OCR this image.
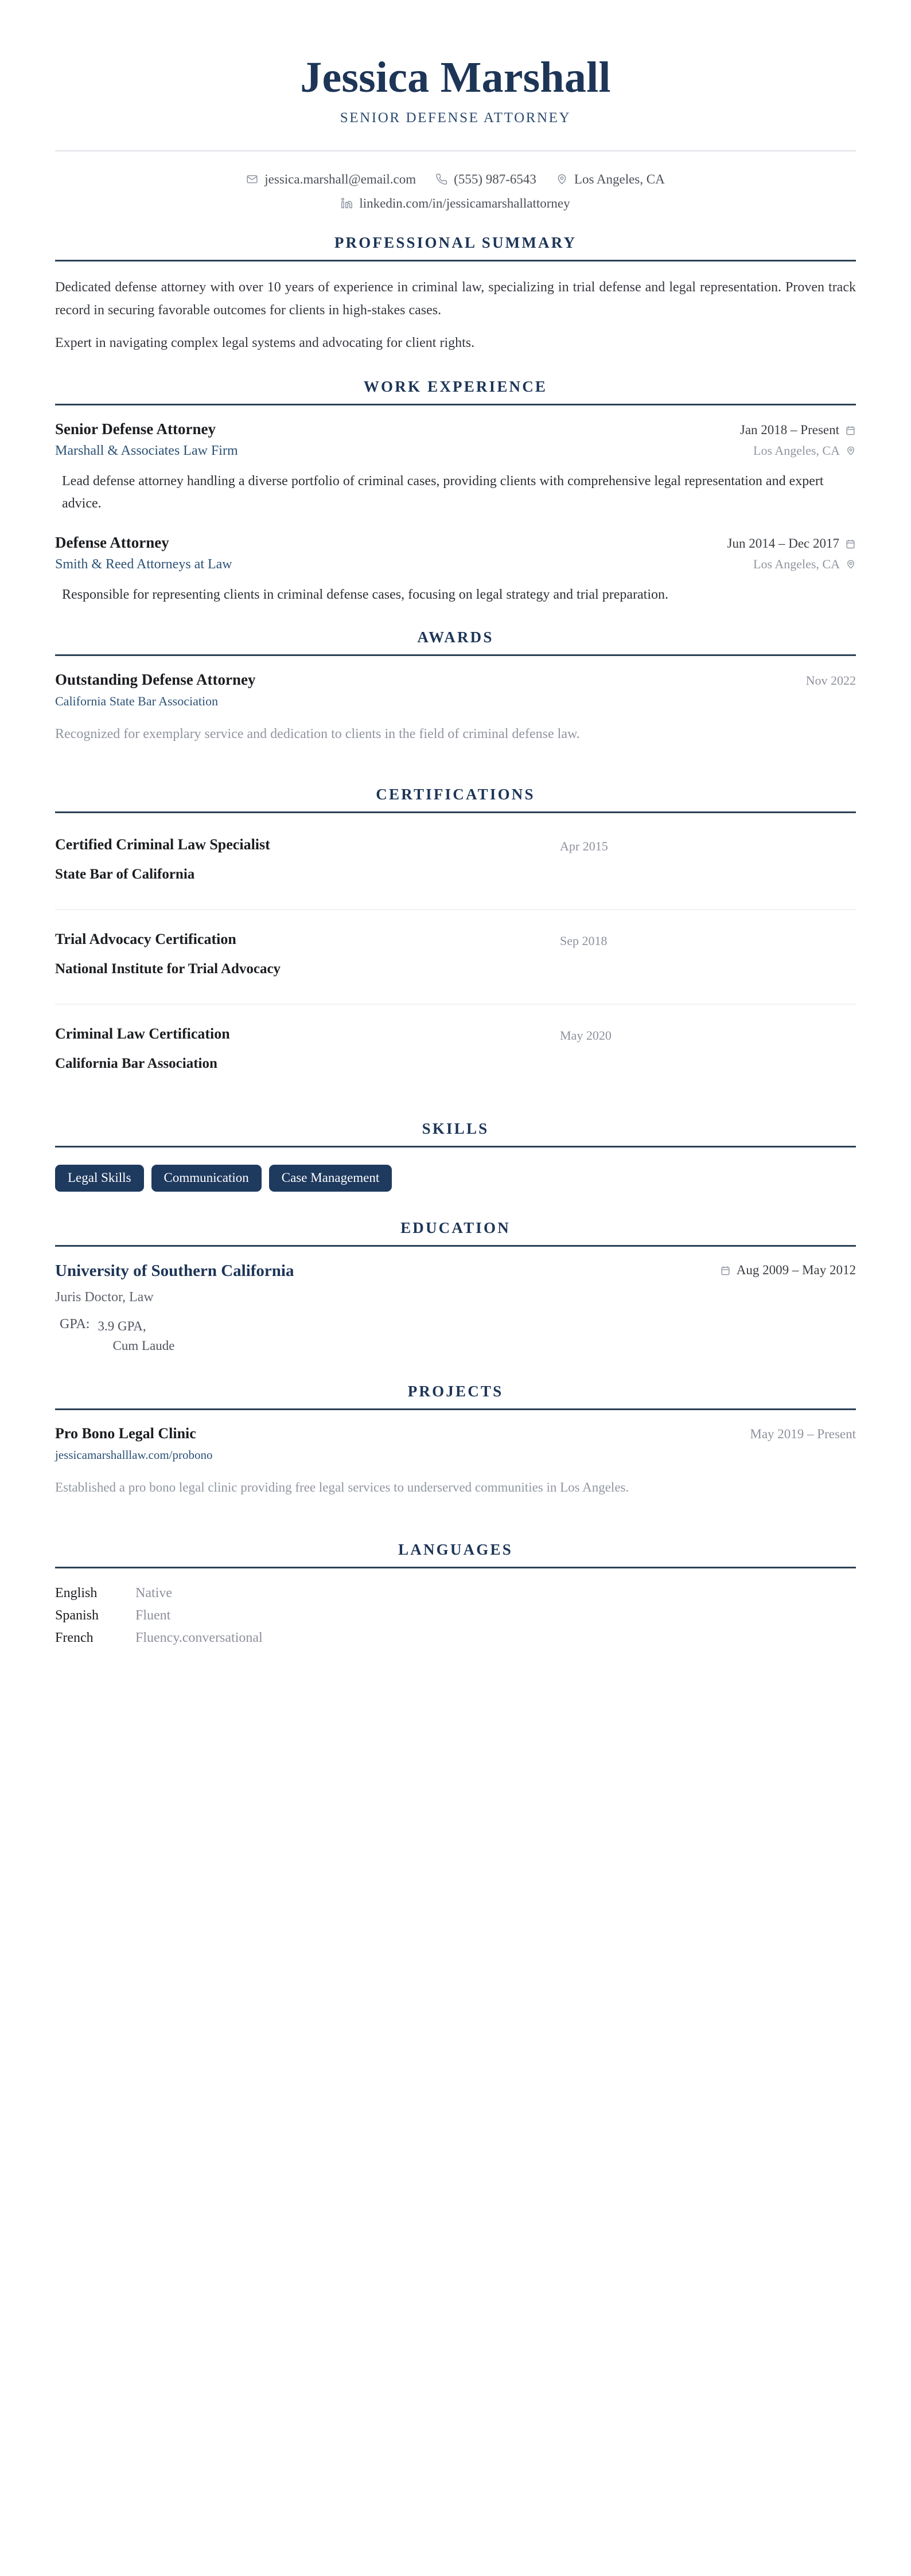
Jessica Marshall
SENIOR DEFENSE ATTORNEY
jessica.marshall@email.com	(555) 987-6543	Los Angeles, CA
linkedin.com/in/jessicamarshallattorney
PROFESSIONAL SUMMARY

Dedicated defense attorney with over 10 years of experience in criminal law, specializing in trial defense and legal representation. Proven track record in securing favorable outcomes for clients in high-stakes cases.

Expert in navigating complex legal systems and advocating for client rights.

WORK EXPERIENCE
Senior Defense Attorney	Jan 2018 – Present
Marshall & Associates Law Firm	Los Angeles, CA
Lead defense attorney handling a diverse portfolio of criminal cases, providing clients with comprehensive legal representation and expert advice.
Defense Attorney	Jun 2014 – Dec 2017
Smith & Reed Attorneys at Law	Los Angeles, CA
Responsible for representing clients in criminal defense cases, focusing on legal strategy and trial preparation.
AWARDS
Outstanding Defense Attorney	Nov 2022
California State Bar Association
Recognized for exemplary service and dedication to clients in the field of criminal defense law.
CERTIFICATIONS
Certified Criminal Law Specialist	Apr 2015
State Bar of California
Trial Advocacy Certification	Sep 2018
National Institute for Trial Advocacy
Criminal Law Certification	May 2020
California Bar Association
SKILLS
Legal Skills	Communication	Case Management
EDUCATION
University of Southern California	Aug 2009 – May 2012
Juris Doctor, Law
GPA: 3.9 GPA,
Cum Laude
PROJECTS
Pro Bono Legal Clinic	May 2019 – Present
jessicamarshalllaw.com/probono
Established a pro bono legal clinic providing free legal services to underserved communities in Los Angeles.
LANGUAGES
English	Native
Spanish	Fluent
French	Fluency.conversational
